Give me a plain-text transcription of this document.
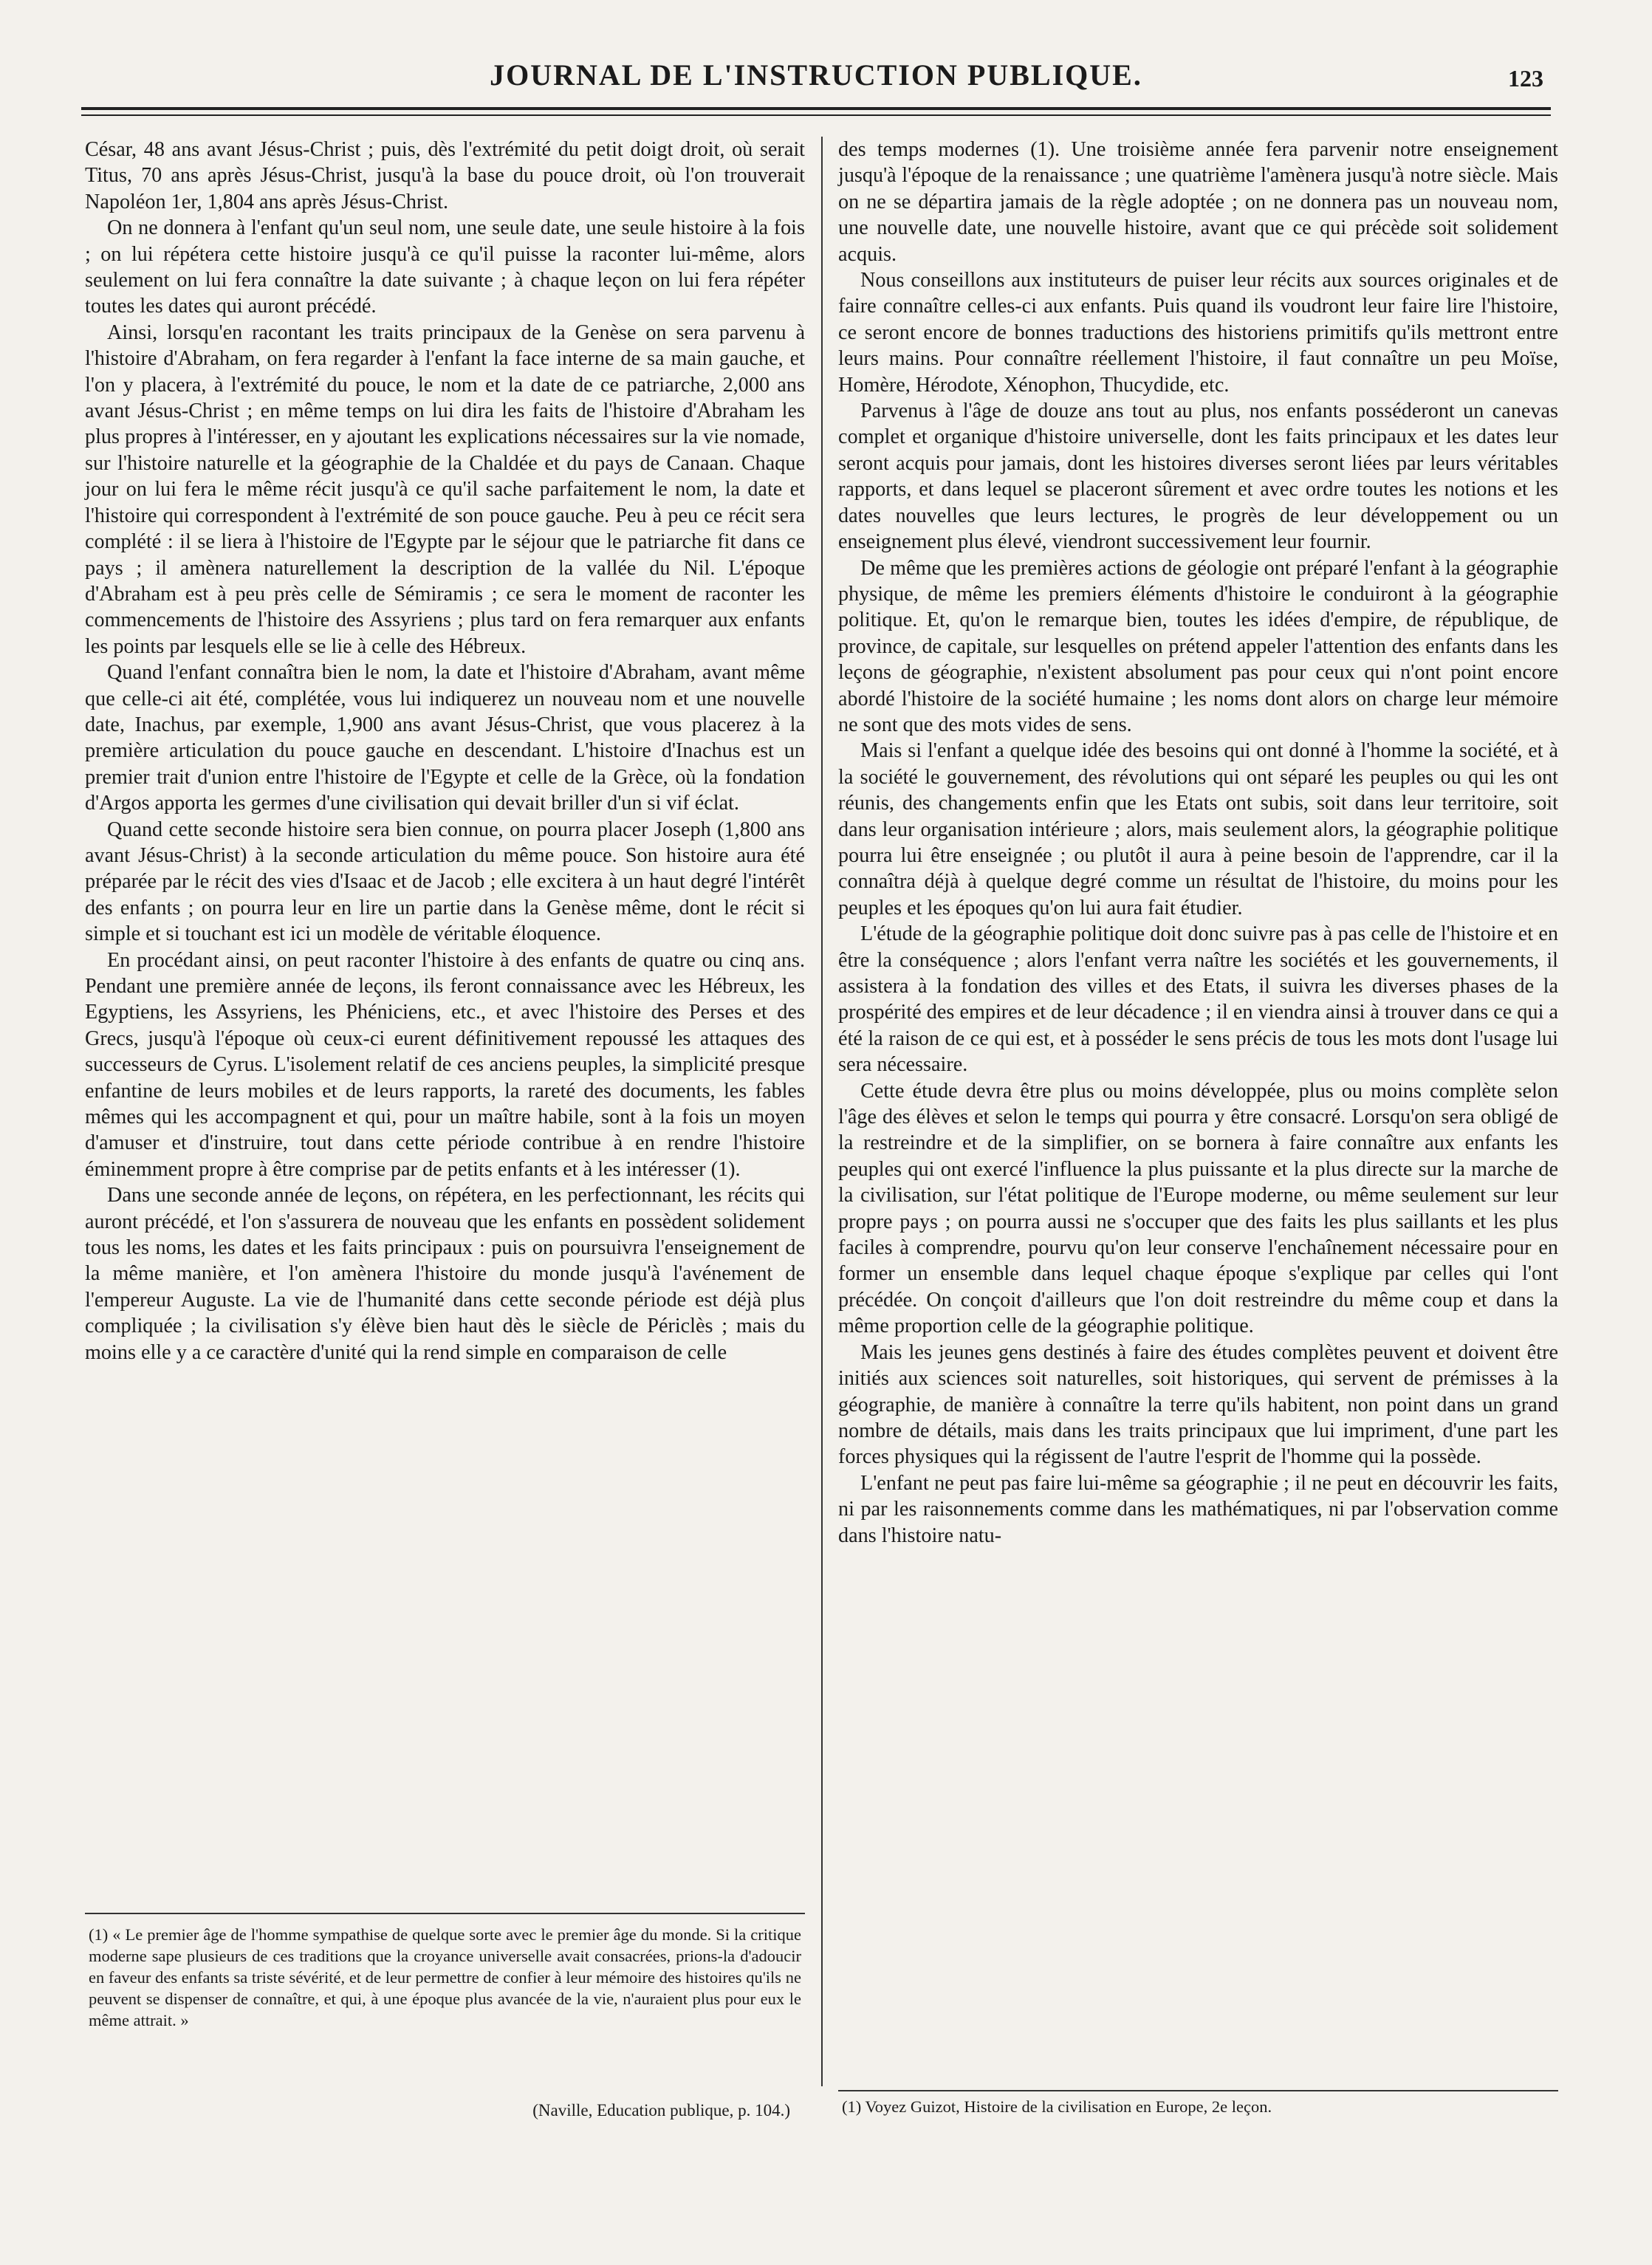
JOURNAL DE L'INSTRUCTION PUBLIQUE.	123

César, 48 ans avant Jésus-Christ ; puis, dès l'extrémité du petit doigt droit, où serait Titus, 70 ans après Jésus-Christ, jusqu'à la base du pouce droit, où l'on trouverait Napoléon 1er, 1,804 ans après Jésus-Christ.

On ne donnera à l'enfant qu'un seul nom, une seule date, une seule histoire à la fois ; on lui répétera cette histoire jusqu'à ce qu'il puisse la raconter lui-même, alors seulement on lui fera connaître la date suivante ; à chaque leçon on lui fera répéter toutes les dates qui auront précédé.

Ainsi, lorsqu'en racontant les traits principaux de la Genèse on sera parvenu à l'histoire d'Abraham, on fera regarder à l'enfant la face interne de sa main gauche, et l'on y placera, à l'extrémité du pouce, le nom et la date de ce patriarche, 2,000 ans avant Jésus-Christ ; en même temps on lui dira les faits de l'histoire d'Abraham les plus propres à l'intéresser, en y ajoutant les explications nécessaires sur la vie nomade, sur l'histoire naturelle et la géographie de la Chaldée et du pays de Canaan. Chaque jour on lui fera le même récit jusqu'à ce qu'il sache parfaitement le nom, la date et l'histoire qui correspondent à l'extrémité de son pouce gauche. Peu à peu ce récit sera complété : il se liera à l'histoire de l'Egypte par le séjour que le patriarche fit dans ce pays ; il amènera naturellement la description de la vallée du Nil. L'époque d'Abraham est à peu près celle de Sémiramis ; ce sera le moment de raconter les commencements de l'histoire des Assyriens ; plus tard on fera remarquer aux enfants les points par lesquels elle se lie à celle des Hébreux.

Quand l'enfant connaîtra bien le nom, la date et l'histoire d'Abraham, avant même que celle-ci ait été, complétée, vous lui indiquerez un nouveau nom et une nouvelle date, Inachus, par exemple, 1,900 ans avant Jésus-Christ, que vous placerez à la première articulation du pouce gauche en descendant. L'histoire d'Inachus est un premier trait d'union entre l'histoire de l'Egypte et celle de la Grèce, où la fondation d'Argos apporta les germes d'une civilisation qui devait briller d'un si vif éclat.

Quand cette seconde histoire sera bien connue, on pourra placer Joseph (1,800 ans avant Jésus-Christ) à la seconde articulation du même pouce. Son histoire aura été préparée par le récit des vies d'Isaac et de Jacob ; elle excitera à un haut degré l'intérêt des enfants ; on pourra leur en lire un partie dans la Genèse même, dont le récit si simple et si touchant est ici un modèle de véritable éloquence.

En procédant ainsi, on peut raconter l'histoire à des enfants de quatre ou cinq ans. Pendant une première année de leçons, ils feront connaissance avec les Hébreux, les Egyptiens, les Assyriens, les Phéniciens, etc., et avec l'histoire des Perses et des Grecs, jusqu'à l'époque où ceux-ci eurent définitivement repoussé les attaques des successeurs de Cyrus. L'isolement relatif de ces anciens peuples, la simplicité presque enfantine de leurs mobiles et de leurs rapports, la rareté des documents, les fables mêmes qui les accompagnent et qui, pour un maître habile, sont à la fois un moyen d'amuser et d'instruire, tout dans cette période contribue à en rendre l'histoire éminemment propre à être comprise par de petits enfants et à les intéresser (1).

Dans une seconde année de leçons, on répétera, en les perfectionnant, les récits qui auront précédé, et l'on s'assurera de nouveau que les enfants en possèdent solidement tous les noms, les dates et les faits principaux : puis on poursuivra l'enseignement de la même manière, et l'on amènera l'histoire du monde jusqu'à l'avénement de l'empereur Auguste. La vie de l'humanité dans cette seconde période est déjà plus compliquée ; la civilisation s'y élève bien haut dès le siècle de Périclès ; mais du moins elle y a ce caractère d'unité qui la rend simple en comparaison de celle

des temps modernes (1). Une troisième année fera parvenir notre enseignement jusqu'à l'époque de la renaissance ; une quatrième l'amènera jusqu'à notre siècle. Mais on ne se départira jamais de la règle adoptée ; on ne donnera pas un nouveau nom, une nouvelle date, une nouvelle histoire, avant que ce qui précède soit solidement acquis.

Nous conseillons aux instituteurs de puiser leur récits aux sources originales et de faire connaître celles-ci aux enfants. Puis quand ils voudront leur faire lire l'histoire, ce seront encore de bonnes traductions des historiens primitifs qu'ils mettront entre leurs mains. Pour connaître réellement l'histoire, il faut connaître un peu Moïse, Homère, Hérodote, Xénophon, Thucydide, etc.

Parvenus à l'âge de douze ans tout au plus, nos enfants posséderont un canevas complet et organique d'histoire universelle, dont les faits principaux et les dates leur seront acquis pour jamais, dont les histoires diverses seront liées par leurs véritables rapports, et dans lequel se placeront sûrement et avec ordre toutes les notions et les dates nouvelles que leurs lectures, le progrès de leur développement ou un enseignement plus élevé, viendront successivement leur fournir.

De même que les premières actions de géologie ont préparé l'enfant à la géographie physique, de même les premiers éléments d'histoire le conduiront à la géographie politique. Et, qu'on le remarque bien, toutes les idées d'empire, de république, de province, de capitale, sur lesquelles on prétend appeler l'attention des enfants dans les leçons de géographie, n'existent absolument pas pour ceux qui n'ont point encore abordé l'histoire de la société humaine ; les noms dont alors on charge leur mémoire ne sont que des mots vides de sens.

Mais si l'enfant a quelque idée des besoins qui ont donné à l'homme la société, et à la société le gouvernement, des révolutions qui ont séparé les peuples ou qui les ont réunis, des changements enfin que les Etats ont subis, soit dans leur territoire, soit dans leur organisation intérieure ; alors, mais seulement alors, la géographie politique pourra lui être enseignée ; ou plutôt il aura à peine besoin de l'apprendre, car il la connaîtra déjà à quelque degré comme un résultat de l'histoire, du moins pour les peuples et les époques qu'on lui aura fait étudier.

L'étude de la géographie politique doit donc suivre pas à pas celle de l'histoire et en être la conséquence ; alors l'enfant verra naître les sociétés et les gouvernements, il assistera à la fondation des villes et des Etats, il suivra les diverses phases de la prospérité des empires et de leur décadence ; il en viendra ainsi à trouver dans ce qui a été la raison de ce qui est, et à posséder le sens précis de tous les mots dont l'usage lui sera nécessaire.

Cette étude devra être plus ou moins développée, plus ou moins complète selon l'âge des élèves et selon le temps qui pourra y être consacré. Lorsqu'on sera obligé de la restreindre et de la simplifier, on se bornera à faire connaître aux enfants les peuples qui ont exercé l'influence la plus puissante et la plus directe sur la marche de la civilisation, sur l'état politique de l'Europe moderne, ou même seulement sur leur propre pays ; on pourra aussi ne s'occuper que des faits les plus saillants et les plus faciles à comprendre, pourvu qu'on leur conserve l'enchaînement nécessaire pour en former un ensemble dans lequel chaque époque s'explique par celles qui l'ont précédée. On conçoit d'ailleurs que l'on doit restreindre du même coup et dans la même proportion celle de la géographie politique.

Mais les jeunes gens destinés à faire des études complètes peuvent et doivent être initiés aux sciences soit naturelles, soit historiques, qui servent de prémisses à la géographie, de manière à connaître la terre qu'ils habitent, non point dans un grand nombre de détails, mais dans les traits principaux que lui impriment, d'une part les forces physiques qui la régissent de l'autre l'esprit de l'homme qui la possède.

L'enfant ne peut pas faire lui-même sa géographie ; il ne peut en découvrir les faits, ni par les raisonnements comme dans les mathématiques, ni par l'observation comme dans l'histoire natu-

(1) « Le premier âge de l'homme sympathise de quelque sorte avec le premier âge du monde. Si la critique moderne sape plusieurs de ces traditions que la croyance universelle avait consacrées, prions-la d'adoucir en faveur des enfants sa triste sévérité, et de leur permettre de confier à leur mémoire des histoires qu'ils ne peuvent se dispenser de connaître, et qui, à une époque plus avancée de la vie, n'auraient plus pour eux le même attrait. »
(Naville, Education publique, p. 104.)	(1) Voyez Guizot, Histoire de la civilisation en Europe, 2e leçon.
